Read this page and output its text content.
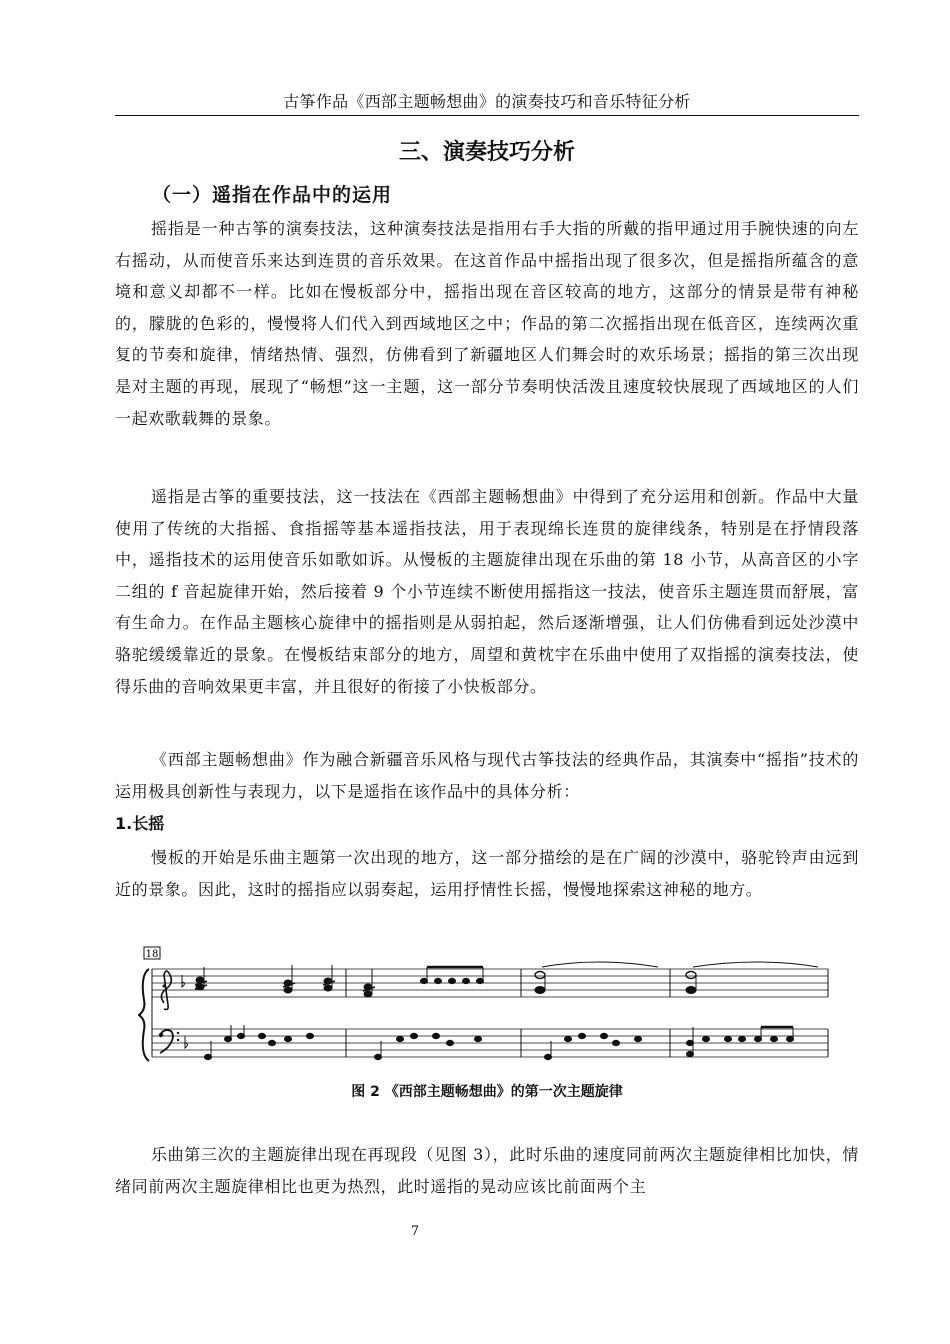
古筝作品《西部主题畅想曲》的演奏技巧和音乐特征分析
三、演奏技巧分析
（一）遥指在作品中的运用

摇指是一种古筝的演奏技法，这种演奏技法是指用右手大指的所戴的指甲通过用手腕快速的向左右摇动，从而使音乐来达到连贯的音乐效果。在这首作品中摇指出现了很多次，但是摇指所蕴含的意境和意义却都不一样。比如在慢板部分中，摇指出现在音区较高的地方，这部分的情景是带有神秘的，朦胧的色彩的，慢慢将人们代入到西域地区之中；作品的第二次摇指出现在低音区，连续两次重复的节奏和旋律，情绪热情、强烈，仿佛看到了新疆地区人们舞会时的欢乐场景；摇指的第三次出现是对主题的再现，展现了“畅想”这一主题，这一部分节奏明快活泼且速度较快展现了西域地区的人们一起欢歌载舞的景象。

遥指是古筝的重要技法，这一技法在《西部主题畅想曲》中得到了充分运用和创新。作品中大量使用了传统的大指摇、食指摇等基本遥指技法，用于表现绵长连贯的旋律线条，特别是在抒情段落中，遥指技术的运用使音乐如歌如诉。从慢板的主题旋律出现在乐曲的第 18 小节，从高音区的小字二组的 f 音起旋律开始，然后接着 9 个小节连续不断使用摇指这一技法，使音乐主题连贯而舒展，富有生命力。在作品主题核心旋律中的摇指则是从弱拍起，然后逐渐增强，让人们仿佛看到远处沙漠中骆驼缓缓靠近的景象。在慢板结束部分的地方，周望和黄枕宇在乐曲中使用了双指摇的演奏技法，使得乐曲的音响效果更丰富，并且很好的衔接了小快板部分。

《西部主题畅想曲》作为融合新疆音乐风格与现代古筝技法的经典作品，其演奏中“摇指”技术的运用极具创新性与表现力，以下是遥指在该作品中的具体分析：

1.长摇

慢板的开始是乐曲主题第一次出现的地方，这一部分描绘的是在广阔的沙漠中，骆驼铃声由远到近的景象。因此，这时的摇指应以弱奏起，运用抒情性长摇，慢慢地探索这神秘的地方。

18
图 2 《西部主题畅想曲》的第一次主题旋律

乐曲第三次的主题旋律出现在再现段（见图 3），此时乐曲的速度同前两次主题旋律相比加快，情绪同前两次主题旋律相比也更为热烈，此时遥指的晃动应该比前面两个主

7
